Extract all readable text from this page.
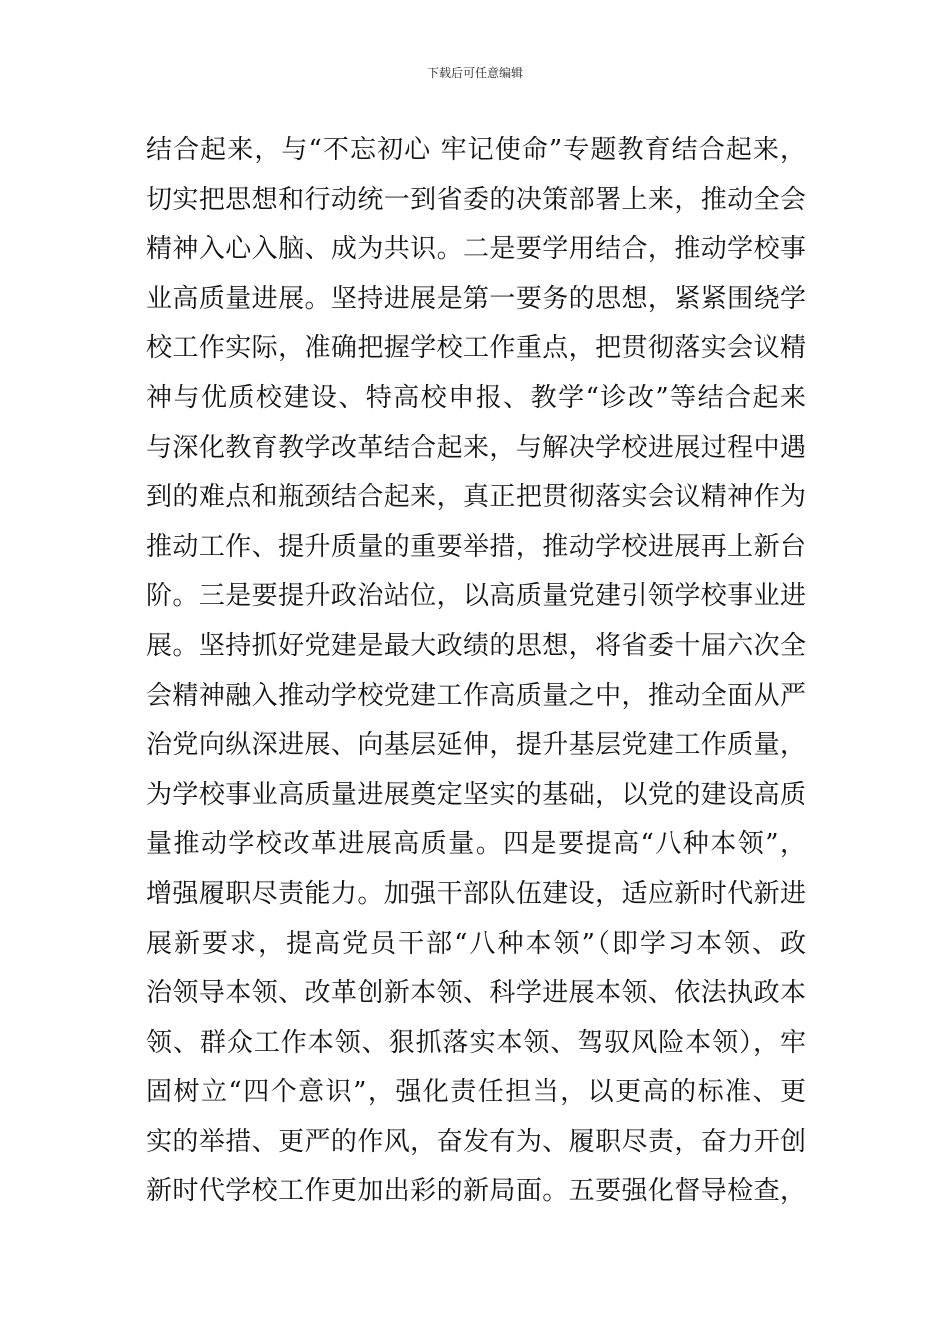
下载后可任意编辑
结合起来，与“不忘初心 牢记使命”专题教育结合起来，
切实把思想和行动统一到省委的决策部署上来，推动全会
精神入心入脑、成为共识。二是要学用结合，推动学校事
业高质量进展。坚持进展是第一要务的思想，紧紧围绕学
校工作实际，准确把握学校工作重点，把贯彻落实会议精
神与优质校建设、特高校申报、教学“诊改”等结合起来
与深化教育教学改革结合起来，与解决学校进展过程中遇
到的难点和瓶颈结合起来，真正把贯彻落实会议精神作为
推动工作、提升质量的重要举措，推动学校进展再上新台
阶。三是要提升政治站位，以高质量党建引领学校事业进
展。坚持抓好党建是最大政绩的思想，将省委十届六次全
会精神融入推动学校党建工作高质量之中，推动全面从严
治党向纵深进展、向基层延伸，提升基层党建工作质量，
为学校事业高质量进展奠定坚实的基础，以党的建设高质
量推动学校改革进展高质量。四是要提高“八种本领”，
增强履职尽责能力。加强干部队伍建设，适应新时代新进
展新要求，提高党员干部“八种本领”（即学习本领、政
治领导本领、改革创新本领、科学进展本领、依法执政本
领、群众工作本领、狠抓落实本领、驾驭风险本领），牢
固树立“四个意识”，强化责任担当，以更高的标准、更
实的举措、更严的作风，奋发有为、履职尽责，奋力开创
新时代学校工作更加出彩的新局面。五要强化督导检查，
